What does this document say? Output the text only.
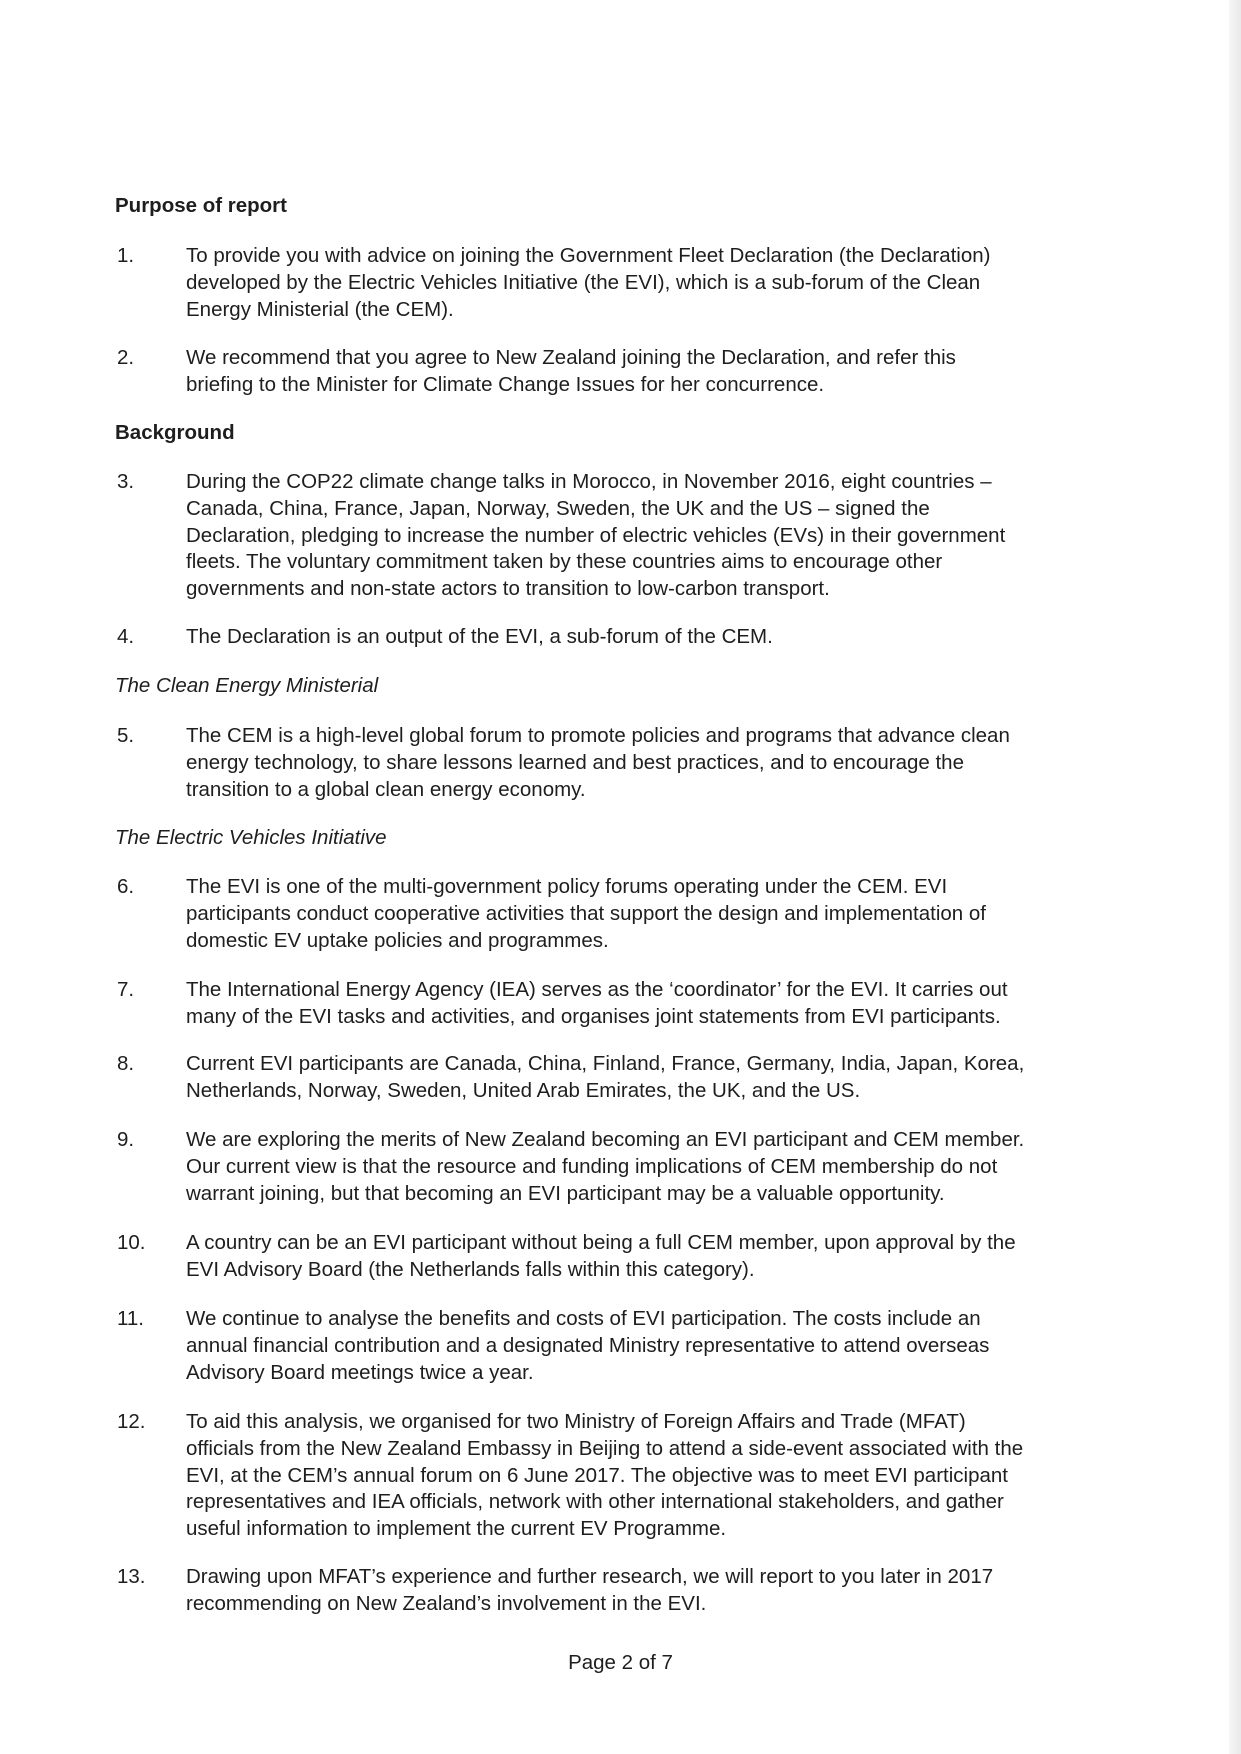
Purpose of report
1.	To provide you with advice on joining the Government Fleet Declaration (the Declaration)
developed by the Electric Vehicles Initiative (the EVI), which is a sub-forum of the Clean
Energy Ministerial (the CEM).
2.	We recommend that you agree to New Zealand joining the Declaration, and refer this
briefing to the Minister for Climate Change Issues for her concurrence.
Background
3.	During the COP22 climate change talks in Morocco, in November 2016, eight countries –
Canada, China, France, Japan, Norway, Sweden, the UK and the US – signed the
Declaration, pledging to increase the number of electric vehicles (EVs) in their government
fleets. The voluntary commitment taken by these countries aims to encourage other
governments and non-state actors to transition to low-carbon transport.
4.	The Declaration is an output of the EVI, a sub-forum of the CEM.
The Clean Energy Ministerial
5.	The CEM is a high-level global forum to promote policies and programs that advance clean
energy technology, to share lessons learned and best practices, and to encourage the
transition to a global clean energy economy.
The Electric Vehicles Initiative
6.	The EVI is one of the multi-government policy forums operating under the CEM. EVI
participants conduct cooperative activities that support the design and implementation of
domestic EV uptake policies and programmes.
7.	The International Energy Agency (IEA) serves as the ‘coordinator’ for the EVI. It carries out
many of the EVI tasks and activities, and organises joint statements from EVI participants.
8.	Current EVI participants are Canada, China, Finland, France, Germany, India, Japan, Korea,
Netherlands, Norway, Sweden, United Arab Emirates, the UK, and the US.
9.	We are exploring the merits of New Zealand becoming an EVI participant and CEM member.
Our current view is that the resource and funding implications of CEM membership do not
warrant joining, but that becoming an EVI participant may be a valuable opportunity.
10. A country can be an EVI participant without being a full CEM member, upon approval by the
EVI Advisory Board (the Netherlands falls within this category).
11. We continue to analyse the benefits and costs of EVI participation. The costs include an
annual financial contribution and a designated Ministry representative to attend overseas
Advisory Board meetings twice a year.
12. To aid this analysis, we organised for two Ministry of Foreign Affairs and Trade (MFAT)
officials from the New Zealand Embassy in Beijing to attend a side-event associated with the
EVI, at the CEM’s annual forum on 6 June 2017. The objective was to meet EVI participant
representatives and IEA officials, network with other international stakeholders, and gather
useful information to implement the current EV Programme.
13. Drawing upon MFAT’s experience and further research, we will report to you later in 2017
recommending on New Zealand’s involvement in the EVI.
Page 2 of 7
